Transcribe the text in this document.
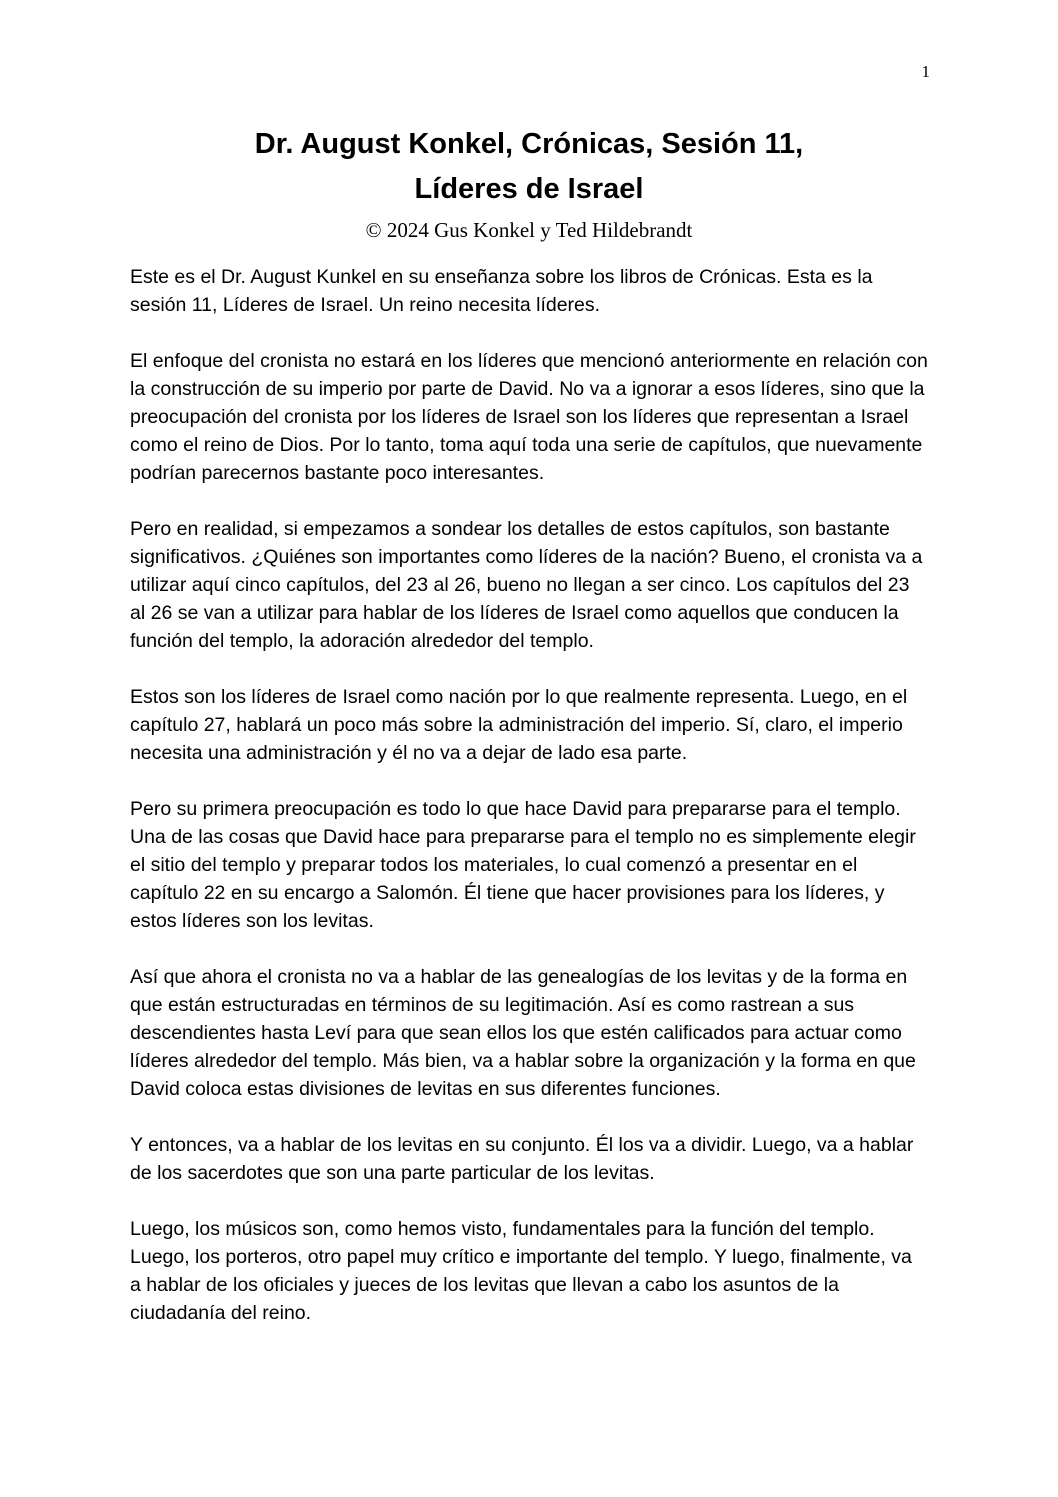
1
Dr. August Konkel, Crónicas, Sesión 11,
Líderes de Israel
© 2024 Gus Konkel y Ted Hildebrandt

Este es el Dr. August Kunkel en su enseñanza sobre los libros de Crónicas. Esta es la sesión 11, Líderes de Israel. Un reino necesita líderes.

El enfoque del cronista no estará en los líderes que mencionó anteriormente en relación con la construcción de su imperio por parte de David. No va a ignorar a esos líderes, sino que la preocupación del cronista por los líderes de Israel son los líderes que representan a Israel como el reino de Dios. Por lo tanto, toma aquí toda una serie de capítulos, que nuevamente podrían parecernos bastante poco interesantes.

Pero en realidad, si empezamos a sondear los detalles de estos capítulos, son bastante significativos. ¿Quiénes son importantes como líderes de la nación? Bueno, el cronista va a utilizar aquí cinco capítulos, del 23 al 26, bueno no llegan a ser cinco. Los capítulos del 23 al 26 se van a utilizar para hablar de los líderes de Israel como aquellos que conducen la función del templo, la adoración alrededor del templo.

Estos son los líderes de Israel como nación por lo que realmente representa. Luego, en el capítulo 27, hablará un poco más sobre la administración del imperio. Sí, claro, el imperio necesita una administración y él no va a dejar de lado esa parte.

Pero su primera preocupación es todo lo que hace David para prepararse para el templo. Una de las cosas que David hace para prepararse para el templo no es simplemente elegir el sitio del templo y preparar todos los materiales, lo cual comenzó a presentar en el capítulo 22 en su encargo a Salomón. Él tiene que hacer provisiones para los líderes, y estos líderes son los levitas.

Así que ahora el cronista no va a hablar de las genealogías de los levitas y de la forma en que están estructuradas en términos de su legitimación. Así es como rastrean a sus descendientes hasta Leví para que sean ellos los que estén calificados para actuar como líderes alrededor del templo. Más bien, va a hablar sobre la organización y la forma en que David coloca estas divisiones de levitas en sus diferentes funciones.

Y entonces, va a hablar de los levitas en su conjunto. Él los va a dividir. Luego, va a hablar de los sacerdotes que son una parte particular de los levitas.

Luego, los músicos son, como hemos visto, fundamentales para la función del templo. Luego, los porteros, otro papel muy crítico e importante del templo. Y luego, finalmente, va a hablar de los oficiales y jueces de los levitas que llevan a cabo los asuntos de la ciudadanía del reino.
